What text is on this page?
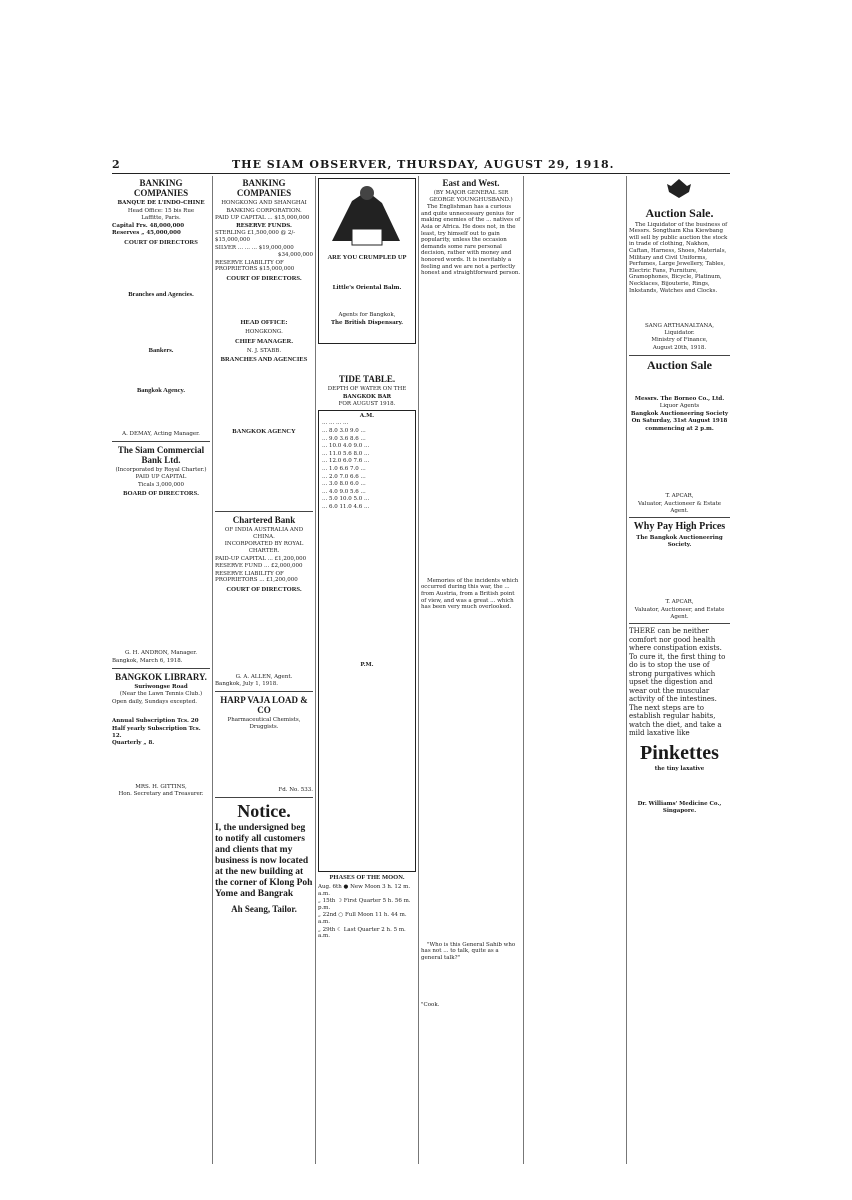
2	THE SIAM OBSERVER, THURSDAY, AUGUST 29, 1918.
BANKING COMPANIES

BANQUE DE L'INDO-CHINE

Head Office: 15 bis Rue

Laffitte, Paris.

Capital Frs. 48,000,000

Reserves „ 45,000,000

COURT OF DIRECTORS
Branches and Agencies.
Bankers.
Bangkok Agency.

A. DEMAY, Acting Manager.

The Siam Commercial Bank Ltd.

(Incorporated by Royal Charter.)

PAID UP CAPITAL

Ticals 3,000,000

BOARD OF DIRECTORS.

G. H. ANDRON, Manager.

Bangkok, March 6, 1918.

BANGKOK LIBRARY.

Suriwongse Road

(Near the Lawn Tennis Club.)

Open daily, Sundays excepted.

Annual Subscription Tcs. 20

Half yearly Subscription Tcs. 12.

Quarterly „ 8.

MRS. H. GITTINS,

Hon. Secretary and Treasurer.

BANKING COMPANIES

HONGKONG AND SHANGHAI

BANKING CORPORATION.

PAID UP CAPITAL ... $15,000,000

RESERVE FUNDS.

STERLING £1,500,000 @ 2/- $15,000,000

SILVER ... ... ... $19,000,000

$34,000,000

RESERVE LIABILITY OF PROPRIETORS $15,000,000

COURT OF DIRECTORS.
HEAD OFFICE:

HONGKONG.

CHIEF MANAGER.

N. J. STABB.

BRANCHES AND AGENCIES
BANGKOK AGENCY
Chartered Bank

OF INDIA AUSTRALIA AND CHINA.

INCORPORATED BY ROYAL CHARTER.

PAID-UP CAPITAL ... £1,200,000

RESERVE FUND ... £2,000,000

RESERVE LIABILITY OF PROPRIETORS ... £1,200,000

COURT OF DIRECTORS.

G. A. ALLEN, Agent.

Bangkok, July 1, 1918.

HARP VAJA LOAD & CO

Pharmaceutical Chemists, Druggists.

Fd. No. 533.

Notice.

I, the undersigned beg to notify all customers and clients that my business is now located at the new building at the corner of Klong Poh Yome and Bangrak

Ah Seang, Tailor.

ARE YOU CRUMPLED UP

Little's Oriental Balm.

Agents for Bangkok,

The British Dispensary.

TIDE TABLE.

DEPTH OF WATER ON THE

BANGKOK BAR

FOR AUGUST 1918.

A.M.

... ... ... ...

... 8.0 3.0 9.0 ...

... 9.0 3.6 8.6 ...

... 10.0 4.0 9.0 ...

... 11.0 5.6 8.0 ...

... 12.0 6.0 7.6 ...

... 1.0 6.6 7.0 ...

... 2.0 7.0 6.6 ...

... 3.0 8.0 6.0 ...

... 4.0 9.0 5.6 ...

... 5.0 10.0 5.0 ...

... 6.0 11.0 4.6 ...

P.M.

PHASES OF THE MOON.

Aug. 6th ● New Moon 3 h. 12 m. a.m.

„ 15th ☽ First Quarter 5 h. 56 m. p.m.

„ 22nd ○ Full Moon 11 h. 44 m. a.m.

„ 29th ☾ Last Quarter 2 h. 5 m. a.m.

East and West.

(BY MAJOR GENERAL SIR GEORGE YOUNGHUSBAND.)

The Englishman has a curious and quite unnecessary genius for making enemies of the ... natives of Asia or Africa. He does not, in the least, try himself out to gain popularity, unless the occasion demands some rare personal decision, rather with money and honored words. It is inevitably a feeling and we are not a perfectly honest and straightforward person.

Memories of the incidents which occurred during this war, the ... from Austria, from a British point of view, and was a great ... which has been very much overlooked.

"Who is this General Sahib who has not ... to talk, quite as a general talk?"

"Cook.

Auction Sale.

The Liquidator of the business of Messrs. Songtham Kha Kiewbang will sell by public auction the stock in trade of clothing, Nakhon, Caftan, Harness, Shoes, Materials, Military and Civil Uniforms, Perfumes, Large Jewellery, Tables, Electric Fans, Furniture, Gramophones, Bicycle, Platinum, Necklaces, Bijouterie, Rings, Inkstands, Watches and Clocks.

SANG ARTHANALTANA, Liquidator.

Ministry of Finance,

August 20th, 1918.

Auction Sale

Messrs. The Borneo Co., Ltd.

Liquor Agents

Bangkok Auctioneering Society

On Saturday, 31st August 1918

commencing at 2 p.m.

T. APCAR,

Valuator, Auctioneer & Estate Agent.

Why Pay High Prices

The Bangkok Auctioneering Society.

T. APCAR,

Valuator, Auctioneer, and Estate Agent.

THERE can be neither comfort nor good health where constipation exists. To cure it, the first thing to do is to stop the use of strong purgatives which upset the digestion and wear out the muscular activity of the intestines. The next steps are to establish regular habits, watch the diet, and take a mild laxative like

Pinkettes

the tiny laxative

Dr. Williams' Medicine Co., Singapore.
